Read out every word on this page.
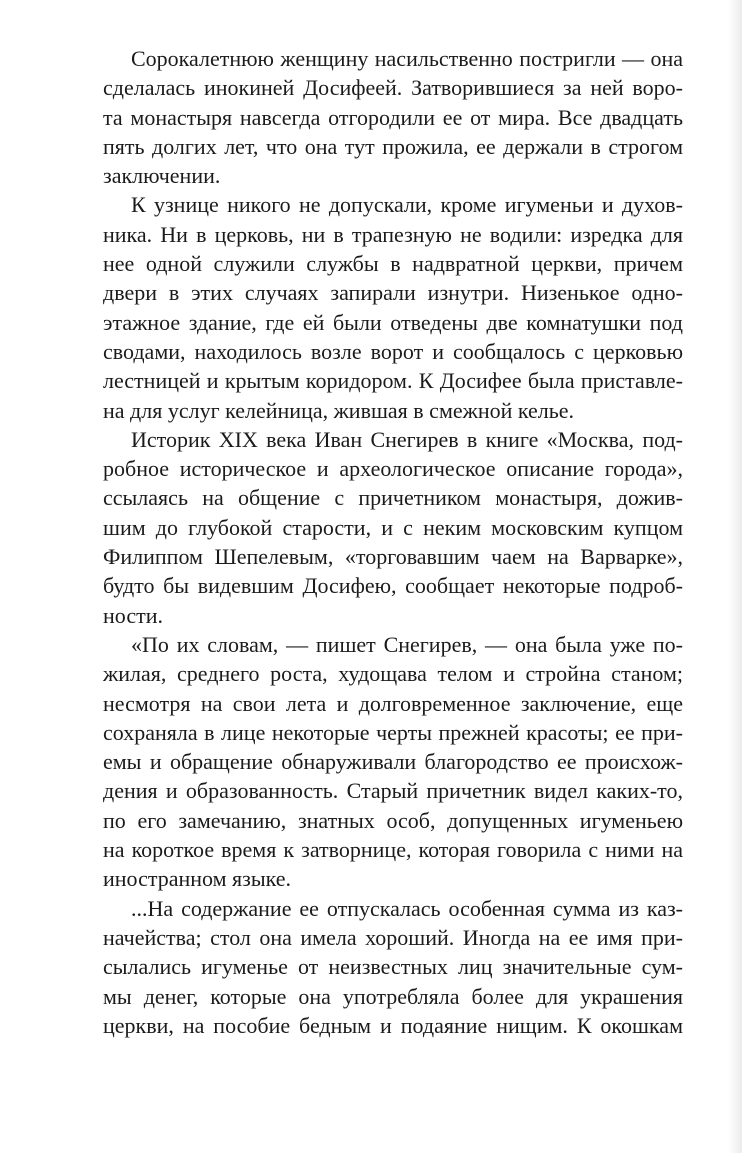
Сорокалетнюю женщину насильственно постригли — она
сделалась инокиней Досифеей. Затворившиеся за ней воро-
та монастыря навсегда отгородили ее от мира. Все двадцать
пять долгих лет, что она тут прожила, ее держали в строгом
заключении.
К узнице никого не допускали, кроме игуменьи и духов-
ника. Ни в церковь, ни в трапезную не водили: изредка для
нее одной служили службы в надвратной церкви, причем
двери в этих случаях запирали изнутри. Низенькое одно-
этажное здание, где ей были отведены две комнатушки под
сводами, находилось возле ворот и сообщалось с церковью
лестницей и крытым коридором. К Досифее была приставле-
на для услуг келейница, жившая в смежной келье.
Историк XIX века Иван Снегирев в книге «Москва, под-
робное историческое и археологическое описание города»,
ссылаясь на общение с причетником монастыря, дожив-
шим до глубокой старости, и с неким московским купцом
Филиппом Шепелевым, «торговавшим чаем на Варварке»,
будто бы видевшим Досифею, сообщает некоторые подроб-
ности.
«По их словам, — пишет Снегирев, — она была уже по-
жилая, среднего роста, худощава телом и стройна станом;
несмотря на свои лета и долговременное заключение, еще
сохраняла в лице некоторые черты прежней красоты; ее при-
емы и обращение обнаруживали благородство ее происхож-
дения и образованность. Старый причетник видел каких-то,
по его замечанию, знатных особ, допущенных игуменьею
на короткое время к затворнице, которая говорила с ними на
иностранном языке.
...На содержание ее отпускалась особенная сумма из каз-
начейства; стол она имела хороший. Иногда на ее имя при-
сылались игуменье от неизвестных лиц значительные сум-
мы денег, которые она употребляла более для украшения
церкви, на пособие бедным и подаяние нищим. К окошкам
